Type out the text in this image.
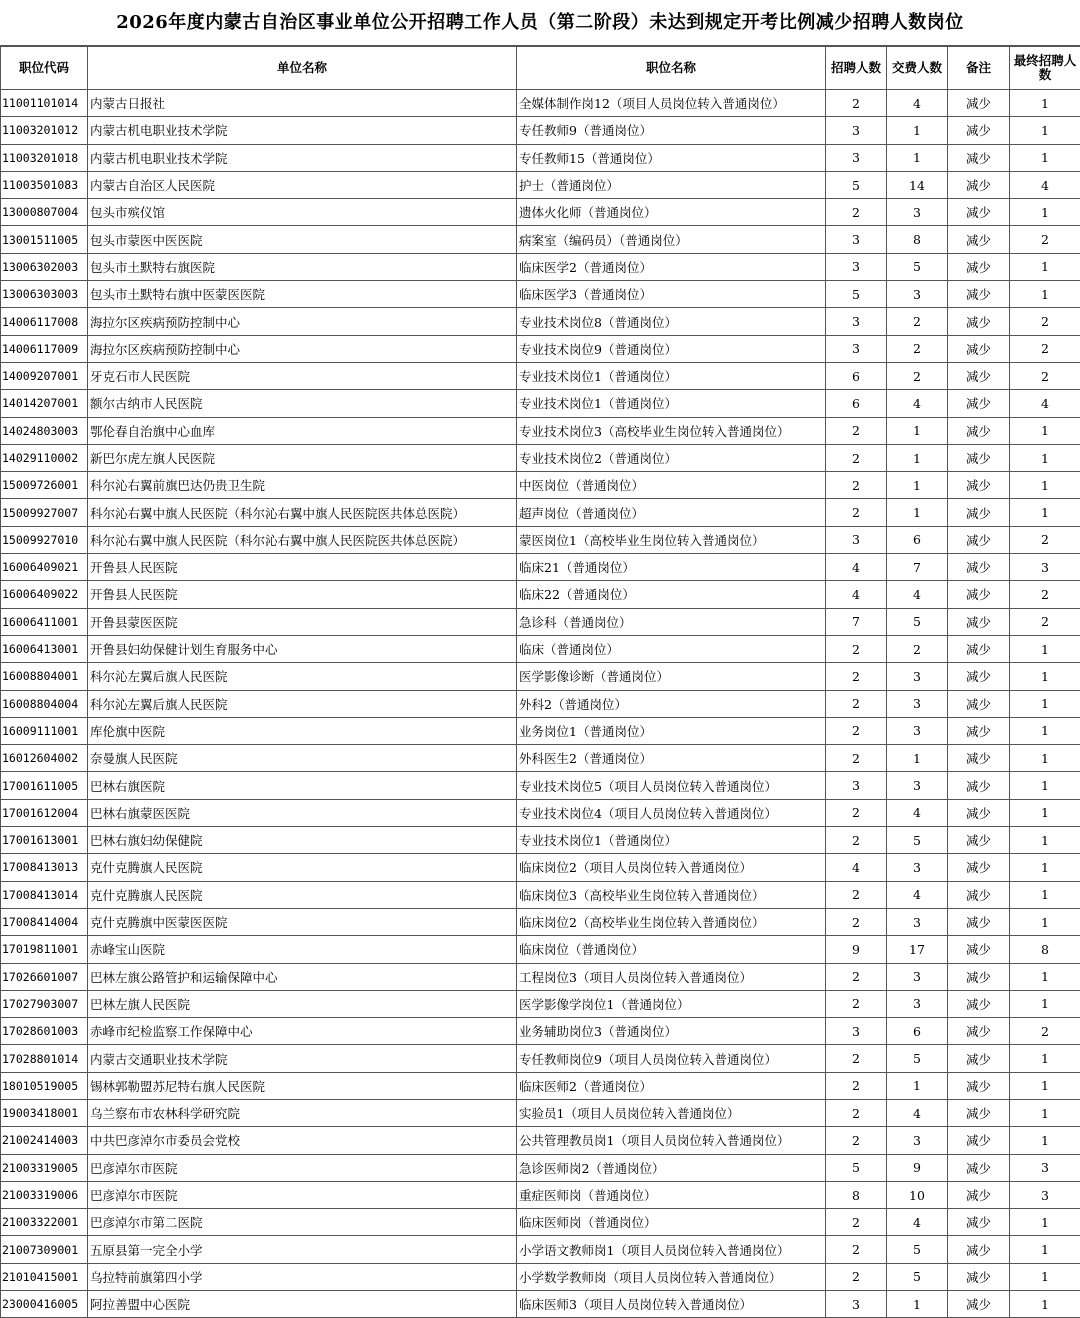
2026年度内蒙古自治区事业单位公开招聘工作人员（第二阶段）未达到规定开考比例减少招聘人数岗位
职位代码	单位名称	职位名称	招聘人数	交费人数	备注	最终招聘人数
11001101014	内蒙古日报社	全媒体制作岗12（项目人员岗位转入普通岗位）	2	4	减少	1
11003201012	内蒙古机电职业技术学院	专任教师9（普通岗位）	3	1	减少	1
11003201018	内蒙古机电职业技术学院	专任教师15（普通岗位）	3	1	减少	1
11003501083	内蒙古自治区人民医院	护士（普通岗位）	5	14	减少	4
13000807004	包头市殡仪馆	遗体火化师（普通岗位）	2	3	减少	1
13001511005	包头市蒙医中医医院	病案室（编码员）（普通岗位）	3	8	减少	2
13006302003	包头市土默特右旗医院	临床医学2（普通岗位）	3	5	减少	1
13006303003	包头市土默特右旗中医蒙医医院	临床医学3（普通岗位）	5	3	减少	1
14006117008	海拉尔区疾病预防控制中心	专业技术岗位8（普通岗位）	3	2	减少	2
14006117009	海拉尔区疾病预防控制中心	专业技术岗位9（普通岗位）	3	2	减少	2
14009207001	牙克石市人民医院	专业技术岗位1（普通岗位）	6	2	减少	2
14014207001	额尔古纳市人民医院	专业技术岗位1（普通岗位）	6	4	减少	4
14024803003	鄂伦春自治旗中心血库	专业技术岗位3（高校毕业生岗位转入普通岗位）	2	1	减少	1
14029110002	新巴尔虎左旗人民医院	专业技术岗位2（普通岗位）	2	1	减少	1
15009726001	科尔沁右翼前旗巴达仍贵卫生院	中医岗位（普通岗位）	2	1	减少	1
15009927007	科尔沁右翼中旗人民医院（科尔沁右翼中旗人民医院医共体总医院）	超声岗位（普通岗位）	2	1	减少	1
15009927010	科尔沁右翼中旗人民医院（科尔沁右翼中旗人民医院医共体总医院）	蒙医岗位1（高校毕业生岗位转入普通岗位）	3	6	减少	2
16006409021	开鲁县人民医院	临床21（普通岗位）	4	7	减少	3
16006409022	开鲁县人民医院	临床22（普通岗位）	4	4	减少	2
16006411001	开鲁县蒙医医院	急诊科（普通岗位）	7	5	减少	2
16006413001	开鲁县妇幼保健计划生育服务中心	临床（普通岗位）	2	2	减少	1
16008804001	科尔沁左翼后旗人民医院	医学影像诊断（普通岗位）	2	3	减少	1
16008804004	科尔沁左翼后旗人民医院	外科2（普通岗位）	2	3	减少	1
16009111001	库伦旗中医院	业务岗位1（普通岗位）	2	3	减少	1
16012604002	奈曼旗人民医院	外科医生2（普通岗位）	2	1	减少	1
17001611005	巴林右旗医院	专业技术岗位5（项目人员岗位转入普通岗位）	3	3	减少	1
17001612004	巴林右旗蒙医医院	专业技术岗位4（项目人员岗位转入普通岗位）	2	4	减少	1
17001613001	巴林右旗妇幼保健院	专业技术岗位1（普通岗位）	2	5	减少	1
17008413013	克什克腾旗人民医院	临床岗位2（项目人员岗位转入普通岗位）	4	3	减少	1
17008413014	克什克腾旗人民医院	临床岗位3（高校毕业生岗位转入普通岗位）	2	4	减少	1
17008414004	克什克腾旗中医蒙医医院	临床岗位2（高校毕业生岗位转入普通岗位）	2	3	减少	1
17019811001	赤峰宝山医院	临床岗位（普通岗位）	9	17	减少	8
17026601007	巴林左旗公路管护和运输保障中心	工程岗位3（项目人员岗位转入普通岗位）	2	3	减少	1
17027903007	巴林左旗人民医院	医学影像学岗位1（普通岗位）	2	3	减少	1
17028601003	赤峰市纪检监察工作保障中心	业务辅助岗位3（普通岗位）	3	6	减少	2
17028801014	内蒙古交通职业技术学院	专任教师岗位9（项目人员岗位转入普通岗位）	2	5	减少	1
18010519005	锡林郭勒盟苏尼特右旗人民医院	临床医师2（普通岗位）	2	1	减少	1
19003418001	乌兰察布市农林科学研究院	实验员1（项目人员岗位转入普通岗位）	2	4	减少	1
21002414003	中共巴彦淖尔市委员会党校	公共管理教员岗1（项目人员岗位转入普通岗位）	2	3	减少	1
21003319005	巴彦淖尔市医院	急诊医师岗2（普通岗位）	5	9	减少	3
21003319006	巴彦淖尔市医院	重症医师岗（普通岗位）	8	10	减少	3
21003322001	巴彦淖尔市第二医院	临床医师岗（普通岗位）	2	4	减少	1
21007309001	五原县第一完全小学	小学语文教师岗1（项目人员岗位转入普通岗位）	2	5	减少	1
21010415001	乌拉特前旗第四小学	小学数学教师岗（项目人员岗位转入普通岗位）	2	5	减少	1
23000416005	阿拉善盟中心医院	临床医师3（项目人员岗位转入普通岗位）	3	1	减少	1
